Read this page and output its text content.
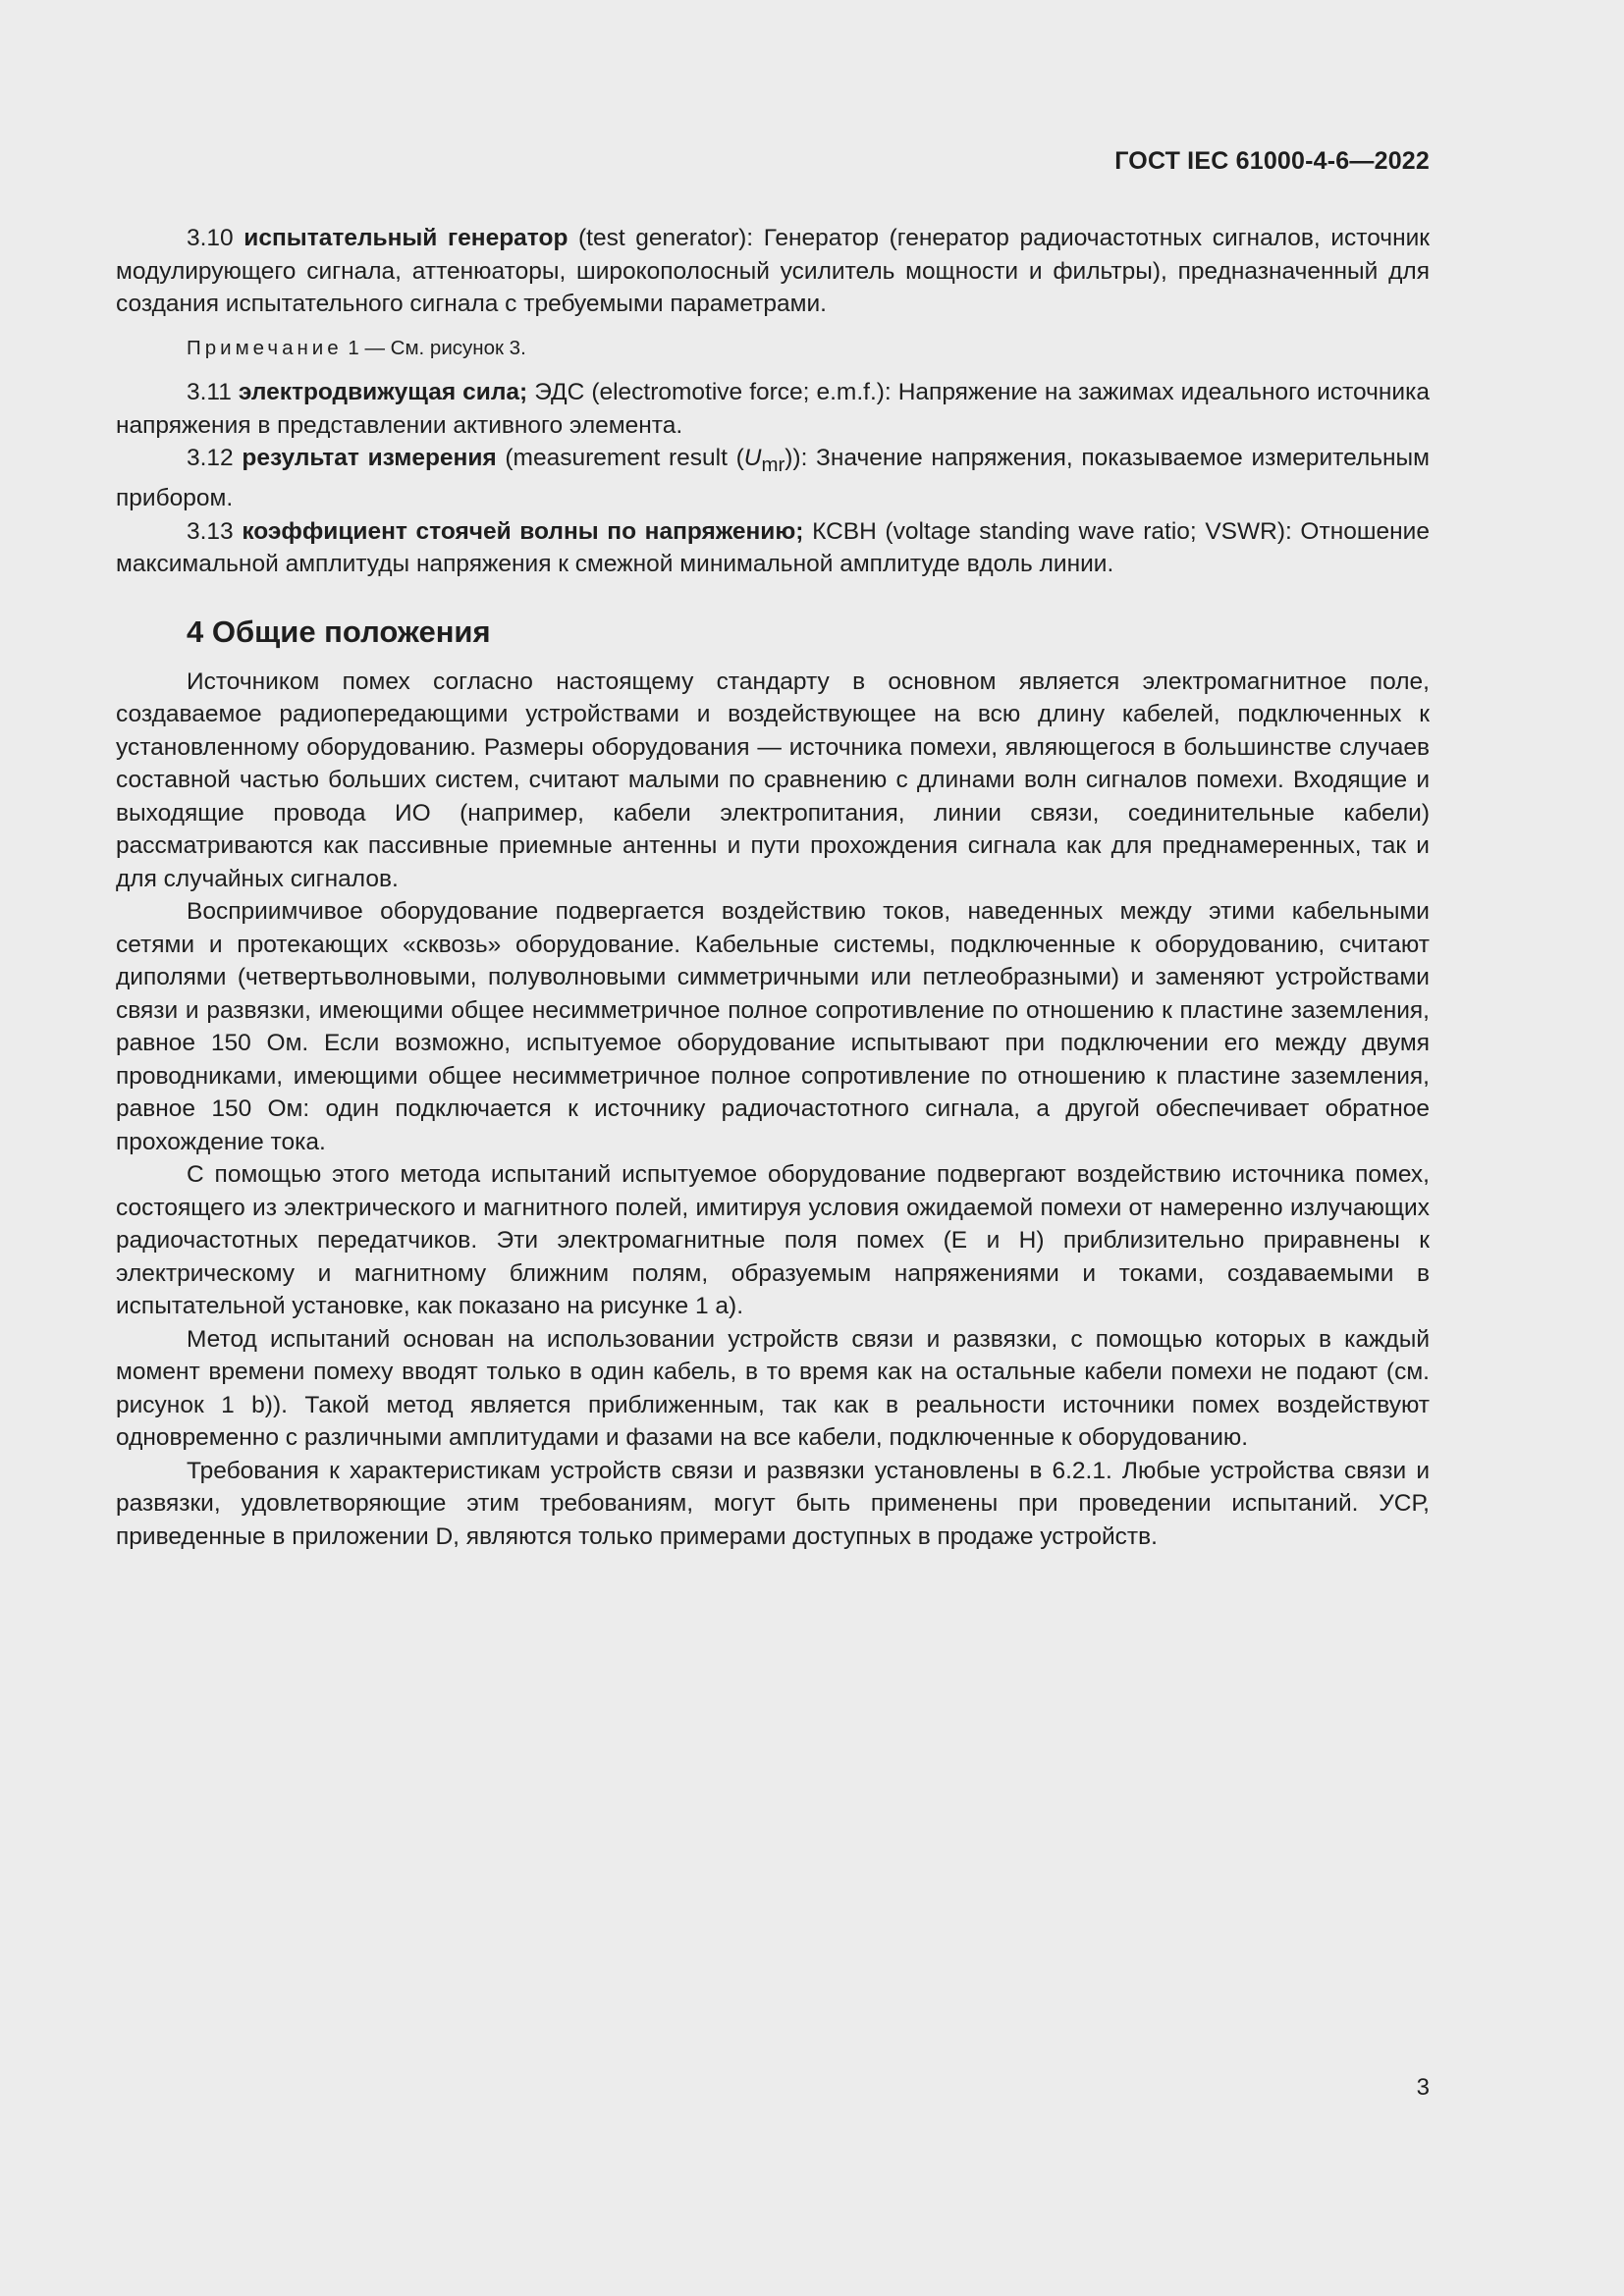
ГОСТ IEC 61000-4-6—2022

3.10 испытательный генератор (test generator): Генератор (генератор радиочастотных сигналов, источник модулирующего сигнала, аттенюаторы, широкополосный усилитель мощности и фильтры), предназначенный для создания испытательного сигнала с требуемыми параметрами.

Примечание 1 — См. рисунок 3.

3.11 электродвижущая сила; ЭДС (electromotive force; e.m.f.): Напряжение на зажимах идеального источника напряжения в представлении активного элемента.

3.12 результат измерения (measurement result $(U_{mr})$): Значение напряжения, показываемое измерительным прибором.

3.13 коэффициент стоячей волны по напряжению; КСВН (voltage standing wave ratio; VSWR): Отношение максимальной амплитуды напряжения к смежной минимальной амплитуде вдоль линии.

4 Общие положения

Источником помех согласно настоящему стандарту в основном является электромагнитное поле, создаваемое радиопередающими устройствами и воздействующее на всю длину кабелей, подключенных к установленному оборудованию. Размеры оборудования — источника помехи, являющегося в большинстве случаев составной частью больших систем, считают малыми по сравнению с длинами волн сигналов помехи. Входящие и выходящие провода ИО (например, кабели электропитания, линии связи, соединительные кабели) рассматриваются как пассивные приемные антенны и пути прохождения сигнала как для преднамеренных, так и для случайных сигналов.

Восприимчивое оборудование подвергается воздействию токов, наведенных между этими кабельными сетями и протекающих «сквозь» оборудование. Кабельные системы, подключенные к оборудованию, считают диполями (четвертьволновыми, полуволновыми симметричными или петлеобразными) и заменяют устройствами связи и развязки, имеющими общее несимметричное полное сопротивление по отношению к пластине заземления, равное 150 Ом. Если возможно, испытуемое оборудование испытывают при подключении его между двумя проводниками, имеющими общее несимметричное полное сопротивление по отношению к пластине заземления, равное 150 Ом: один подключается к источнику радиочастотного сигнала, а другой обеспечивает обратное прохождение тока.

С помощью этого метода испытаний испытуемое оборудование подвергают воздействию источника помех, состоящего из электрического и магнитного полей, имитируя условия ожидаемой помехи от намеренно излучающих радиочастотных передатчиков. Эти электромагнитные поля помех (E и H) приблизительно приравнены к электрическому и магнитному ближним полям, образуемым напряжениями и токами, создаваемыми в испытательной установке, как показано на рисунке 1 a).

Метод испытаний основан на использовании устройств связи и развязки, с помощью которых в каждый момент времени помеху вводят только в один кабель, в то время как на остальные кабели помехи не подают (см. рисунок 1 b)). Такой метод является приближенным, так как в реальности источники помех воздействуют одновременно с различными амплитудами и фазами на все кабели, подключенные к оборудованию.

Требования к характеристикам устройств связи и развязки установлены в 6.2.1. Любые устройства связи и развязки, удовлетворяющие этим требованиям, могут быть применены при проведении испытаний. УСР, приведенные в приложении D, являются только примерами доступных в продаже устройств.

3
